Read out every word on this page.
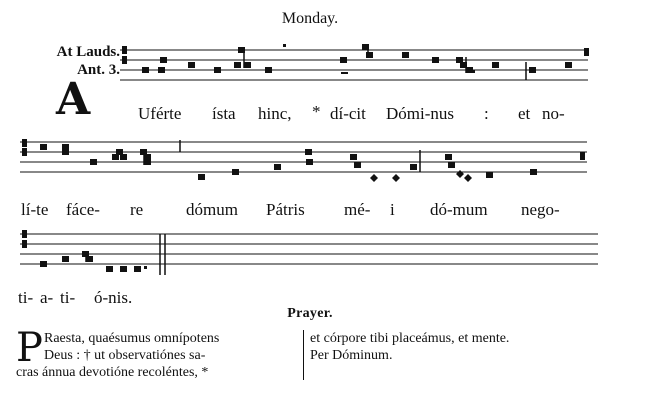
Monday.
At Lauds.
Ant. 3.
A	Uférte ísta hinc, * dí-cit Dómi-nus : et no-
lí-te fáce- re	dómum Pátris mé- i dó-mum nego-
ti- a- ti- ó-nis.
Prayer.
P Raesta, quaésumus omnípotens
Deus : † ut observatiónes sa-
cras ánnua devotióne recoléntes, *
et córpore tibi placeámus, et mente.
Per Dóminum.
